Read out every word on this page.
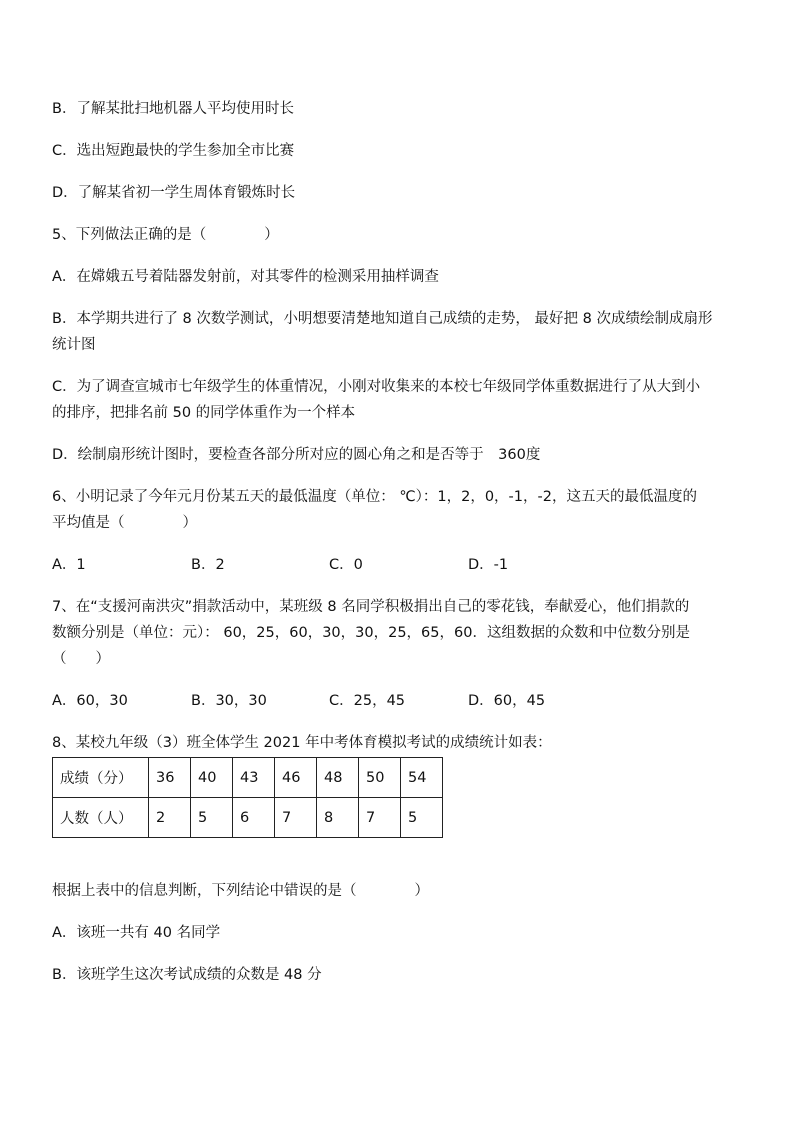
B．了解某批扫地机器人平均使用时长
C．选出短跑最快的学生参加全市比赛
D．了解某省初一学生周体育锻炼时长
5、下列做法正确的是（　　　　）
A．在嫦娥五号着陆器发射前，对其零件的检测采用抽样调查
B．本学期共进行了 8 次数学测试，小明想要清楚地知道自己成绩的走势， 最好把 8 次成绩绘制成扇形
统计图
C．为了调查宣城市七年级学生的体重情况，小刚对收集来的本校七年级同学体重数据进行了从大到小
的排序，把排名前 50 的同学体重作为一个样本
D．绘制扇形统计图时，要检查各部分所对应的圆心角之和是否等于　360度
6、小明记录了今年元月份某五天的最低温度（单位： ℃）：1，2，0，-1，-2，这五天的最低温度的
平均值是（　　　　）
A．1	B．2	C．0	D．-1
7、在“支援河南洪灾”捐款活动中，某班级 8 名同学积极捐出自己的零花钱，奉献爱心，他们捐款的
数额分别是（单位：元）： 60，25，60，30，30，25，65，60．这组数据的众数和中位数分别是
（　　）
A．60，30	B．30，30	C．25，45	D．60，45
8、某校九年级（3）班全体学生 2021 年中考体育模拟考试的成绩统计如表：
成绩（分）	36	40	43	46	48	50	54
人数（人）	2	5	6	7	8	7	5
根据上表中的信息判断，下列结论中错误的是（　　　　）
A．该班一共有 40 名同学
B．该班学生这次考试成绩的众数是 48 分
